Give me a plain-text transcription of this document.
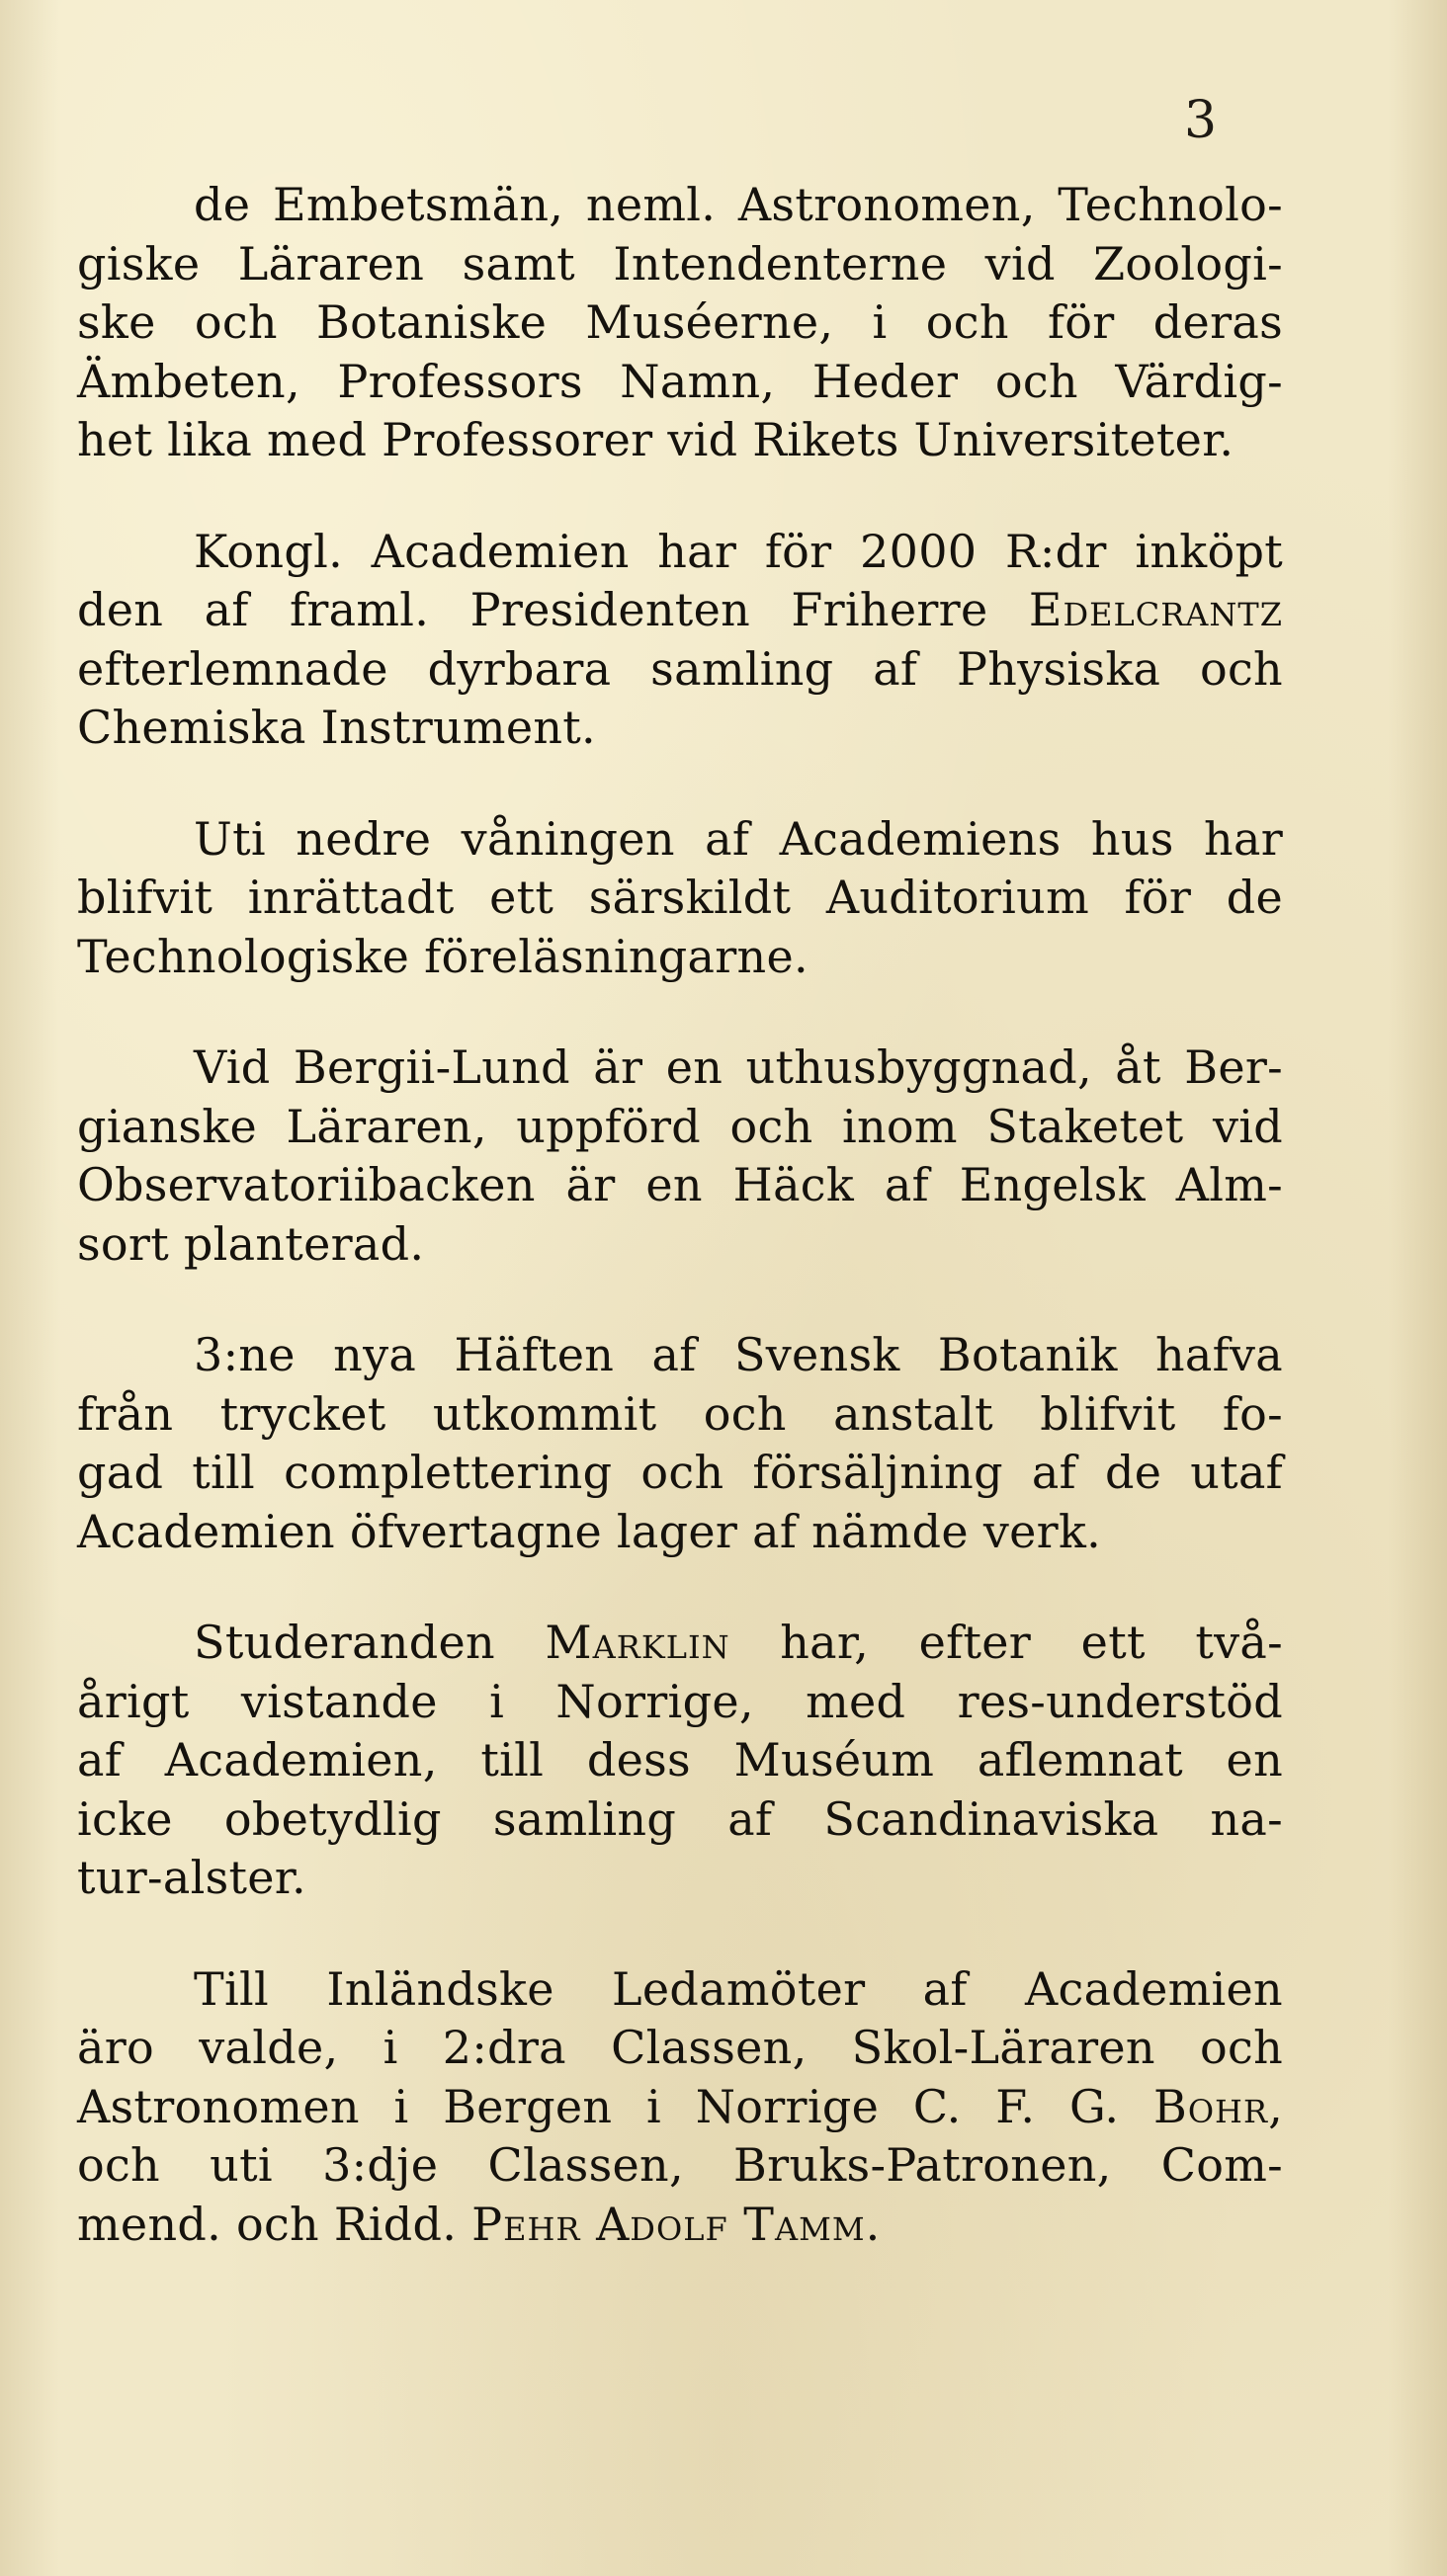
3
de Embetsmän, neml. Astronomen, Technolo-
giske Läraren samt Intendenterne vid Zoologi-
ske och Botaniske Muséerne, i och för deras
Ämbeten, Professors Namn, Heder och Värdig-
het lika med Professorer vid Rikets Universiteter.
Kongl. Academien har för 2000 R:dr inköpt
den af framl. Presidenten Friherre Edelcrantz
efterlemnade dyrbara samling af Physiska och
Chemiska Instrument.
Uti nedre våningen af Academiens hus har
blifvit inrättadt ett särskildt Auditorium för de
Technologiske föreläsningarne.
Vid Bergii-Lund är en uthusbyggnad, åt Ber-
gianske Läraren, uppförd och inom Staketet vid
Observatoriibacken är en Häck af Engelsk Alm-
sort planterad.
3:ne nya Häften af Svensk Botanik hafva
från trycket utkommit och anstalt blifvit fo-
gad till complettering och försäljning af de utaf
Academien öfvertagne lager af nämde verk.
Studeranden Marklin har, efter ett två-
årigt vistande i Norrige, med res-understöd
af Academien, till dess Muséum aflemnat en
icke obetydlig samling af Scandinaviska na-
tur-alster.
Till Inländske Ledamöter af Academien
äro valde, i 2:dra Classen, Skol-Läraren och
Astronomen i Bergen i Norrige C. F. G. Bohr,
och uti 3:dje Classen, Bruks-Patronen, Com-
mend. och Ridd. Pehr Adolf Tamm.
